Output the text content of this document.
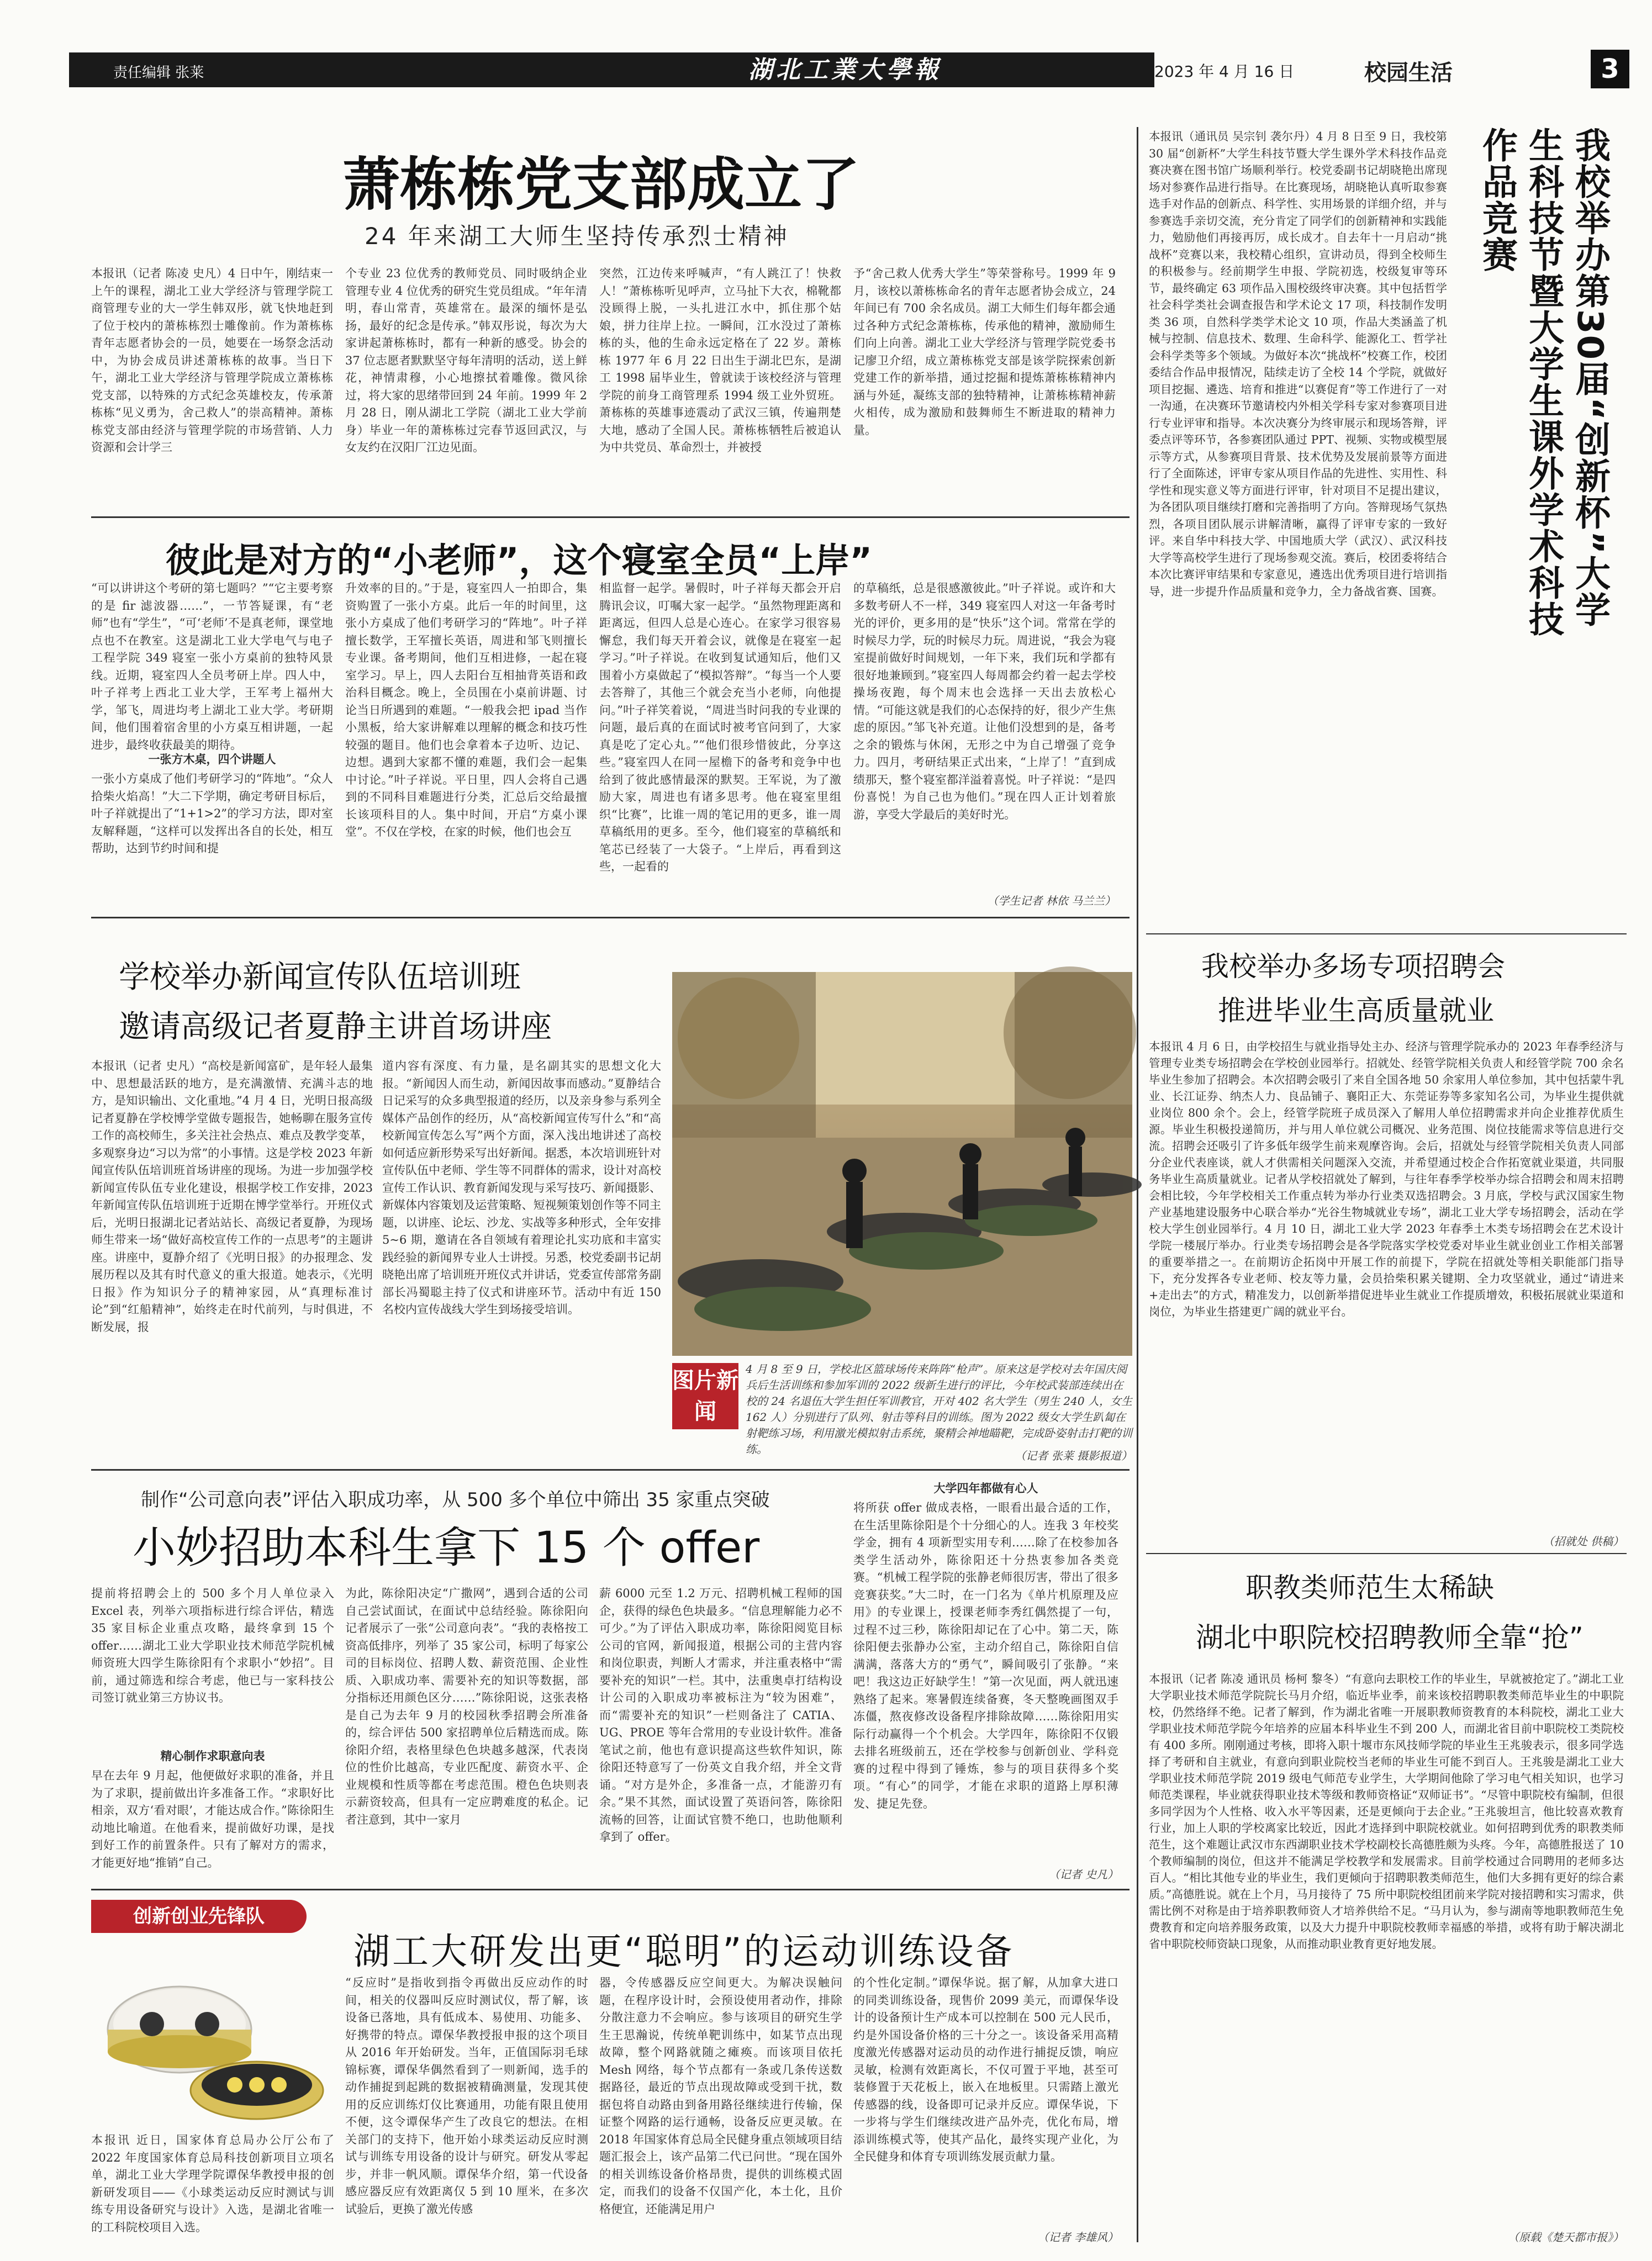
责任编辑 张莱	湖北工業大學報	2023 年 4 月 16 日	校园生活	3
萧栋栋党支部成立了
24 年来湖工大师生坚持传承烈士精神
本报讯（记者 陈凌 史凡）4 日中午，刚结束一上午的课程，湖北工业大学经济与管理学院工商管理专业的大一学生韩双彤，就飞快地赶到了位于校内的萧栋栋烈士雕像前。作为萧栋栋青年志愿者协会的一员，她要在一场祭念活动中，为协会成员讲述萧栋栋的故事。当日下午，湖北工业大学经济与管理学院成立萧栋栋党支部，以特殊的方式纪念英雄校友，传承萧栋栋“见义勇为，舍己救人”的崇高精神。萧栋栋党支部由经济与管理学院的市场营销、人力资源和会计学三
个专业 23 位优秀的教师党员、同时吸纳企业管理专业 4 位优秀的研究生党员组成。“年年清明，春山常青，英雄常在。最深的缅怀是弘扬，最好的纪念是传承。”韩双彤说，每次为大家讲起萧栋栋时，都有一种新的感受。协会的 37 位志愿者默默坚守每年清明的活动，送上鲜花，神情肃穆，小心地擦拭着雕像。微风徐过，将大家的思绪带回到 24 年前。1999 年 2 月 28 日，刚从湖北工学院（湖北工业大学前身）毕业一年的萧栋栋过完春节返回武汉，与女友约在汉阳厂江边见面。
突然，江边传来呼喊声，“有人跳江了！快救人！”萧栋栋听见呼声，立马扯下大衣，棉靴都没顾得上脱，一头扎进江水中，抓住那个姑娘，拼力往岸上拉。一瞬间，江水没过了萧栋栋的头，他的生命永远定格在了 22 岁。萧栋栋 1977 年 6 月 22 日出生于湖北巴东，是湖工 1998 届毕业生，曾就读于该校经济与管理学院的前身工商管理系 1994 级工业外贸班。萧栋栋的英雄事迹震动了武汉三镇，传遍荆楚大地，感动了全国人民。萧栋栋牺牲后被追认为中共党员、革命烈士，并被授
予“舍己救人优秀大学生”等荣誉称号。1999 年 9 月，该校以萧栋栋命名的青年志愿者协会成立，24 年间已有 700 余名成员。湖工大师生们每年都会通过各种方式纪念萧栋栋，传承他的精神，激励师生们向上向善。湖北工业大学经济与管理学院党委书记廖卫介绍，成立萧栋栋党支部是该学院探索创新党建工作的新举措，通过挖掘和提炼萧栋栋精神内涵与外延，凝练支部的独特精神，让萧栋栋精神薪火相传，成为激励和鼓舞师生不断进取的精神力量。
彼此是对方的“小老师”，这个寝室全员“上岸”
“可以讲讲这个考研的第七题吗？”“它主要考察的是 fir 滤波器……”，一节答疑课，有“老师”也有“学生”，“可‘老师’不是真老师，课堂地点也不在教室。这是湖北工业大学电气与电子工程学院 349 寝室一张小方桌前的独特风景线。近期，寝室四人全员考研上岸。四人中，叶子祥考上西北工业大学，王军考上福州大学，邹飞，周进均考上湖北工业大学。考研期间，他们围着宿舍里的小方桌互相讲题，一起进步，最终收获最美的期待。
一张方木桌，四个讲题人
一张小方桌成了他们考研学习的“阵地”。“众人拾柴火焰高！”大二下学期，确定考研目标后，叶子祥就提出了“1+1>2”的学习方法，即对室友解释题，“这样可以发挥出各自的长处，相互帮助，达到节约时间和提
升效率的目的。”于是，寝室四人一拍即合，集资购置了一张小方桌。此后一年的时间里，这张小方桌成了他们考研学习的“阵地”。叶子祥擅长数学，王军擅长英语，周进和邹飞则擅长专业课。备考期间，他们互相进修，一起在寝室学习。早上，四人去阳台互相抽背英语和政治科目概念。晚上，全员围在小桌前讲题、讨论当日所遇到的难题。“一般我会把 ipad 当作小黑板，给大家讲解难以理解的概念和技巧性较强的题目。他们也会拿着本子边听、边记、边想。遇到大家都不懂的难题，我们会一起集中讨论。”叶子祥说。平日里，四人会将自己遇到的不同科目难题进行分类，汇总后交给最擅长该项科目的人。集中时间，开启“方桌小课堂”。不仅在学校，在家的时候，他们也会互
相监督一起学。暑假时，叶子祥每天都会开启腾讯会议，叮嘱大家一起学。“虽然物理距离和距离远，但四人总是心连心。在家学习很容易懈怠，我们每天开着会议，就像是在寝室一起学习。”叶子祥说。在收到复试通知后，他们又围着小方桌做起了“模拟答辩”。“每当一个人要去答辩了，其他三个就会充当小老师，向他提问。”叶子祥笑着说，“周进当时问我的专业课的问题，最后真的在面试时被考官问到了，大家真是吃了定心丸。”“他们很珍惜彼此，分享这些。”寝室四人在同一屋檐下的备考和竞争中也给到了彼此感情最深的默契。王军说，为了激励大家，周进也有诸多思考。他在寝室里组织“比赛”，比谁一周的笔记用的更多，谁一周草稿纸用的更多。至今，他们寝室的草稿纸和笔芯已经装了一大袋子。“上岸后，再看到这些，一起看的
的草稿纸，总是很感激彼此。”叶子祥说。或许和大多数考研人不一样，349 寝室四人对这一年备考时光的评价，更多用的是“快乐”这个词。常常在学的时候尽力学，玩的时候尽力玩。周进说，“我会为寝室提前做好时间规划，一年下来，我们玩和学都有很好地兼顾到。”寝室四人每周都会约着一起去学校操场夜跑，每个周末也会选择一天出去放松心情。“可能这就是我们的心态保持的好，很少产生焦虑的原因。”邹飞补充道。让他们没想到的是，备考之余的锻炼与休闲，无形之中为自己增强了竞争力。四月，考研结果正式出来，“上岸了！”直到成绩那天，整个寝室都洋溢着喜悦。叶子祥说：“是四份喜悦！为自己也为他们。”现在四人正计划着旅游，享受大学最后的美好时光。
（学生记者 林依 马兰兰）
学校举办新闻宣传队伍培训班
邀请高级记者夏静主讲首场讲座
本报讯（记者 史凡）“高校是新闻富矿，是年轻人最集中、思想最活跃的地方，是充满激情、充满斗志的地方，是知识输出、文化重地。”4 月 4 日，光明日报高级记者夏静在学校博学堂做专题报告，她畅聊在服务宣传工作的高校师生，多关注社会热点、难点及教学变革，多观察身边“习以为常”的小事情。这是学校 2023 年新闻宣传队伍培训班首场讲座的现场。为进一步加强学校新闻宣传队伍专业化建设，根据学校工作安排，2023 年新闻宣传队伍培训班于近期在博学堂举行。开班仪式后，光明日报湖北记者站站长、高级记者夏静，为现场师生带来一场“做好高校宣传工作的一点思考”的主题讲座。讲座中，夏静介绍了《光明日报》的办报理念、发展历程以及其有时代意义的重大报道。她表示，《光明日报》作为知识分子的精神家园，从“真理标准讨论”到“红船精神”，始终走在时代前列，与时俱进，不断发展，报
道内容有深度、有力量，是名副其实的思想文化大报。“新闻因人而生动，新闻因故事而感动。”夏静结合日记采写的众多典型报道的经历，以及亲身参与系列全媒体产品创作的经历，从“高校新闻宣传写什么”和“高校新闻宣传怎么写”两个方面，深入浅出地讲述了高校如何适应新形势采写出好新闻。据悉，本次培训班针对宣传队伍中老师、学生等不同群体的需求，设计对高校宣传工作认识、教育新闻发现与采写技巧、新闻摄影、新媒体内容策划及运营策略、短视频策划创作等不同主题，以讲座、论坛、沙龙、实战等多种形式，全年安排 5~6 期，邀请在各自领域有着理论扎实功底和丰富实践经验的新闻界专业人士讲授。另悉，校党委副书记胡晓艳出席了培训班开班仪式并讲话，党委宣传部常务副部长冯蜀聪主持了仪式和讲座环节。活动中有近 150 名校内宣传战线大学生到场接受培训。
图片新闻
4 月 8 至 9 日，学校北区篮球场传来阵阵“枪声”。原来这是学校对去年国庆阅兵后生活训练和参加军训的 2022 级新生进行的评比，今年校武装部连续出在校的 24 名退伍大学生担任军训教官，开对 402 名大学生（男生 240 人，女生 162 人）分别进行了队列、射击等科目的训练。图为 2022 级女大学生趴匐在射靶练习场，利用激光模拟射击系统，聚精会神地瞄靶，完成卧姿射击打靶的训练。	（记者 张莱 摄影报道）
制作“公司意向表”评估入职成功率，从 500 多个单位中筛出 35 家重点突破
小妙招助本科生拿下 15 个 offer
提前将招聘会上的 500 多个月人单位录入 Excel 表，列举六项指标进行综合评估，精选 35 家目标企业重点攻略，最终拿到 15 个 offer……湖北工业大学职业技术师范学院机械师资班大四学生陈徐阳有个求职小“妙招”。目前，通过筛选和综合考虑，他已与一家科技公司签订就业第三方协议书。
精心制作求职意向表
早在去年 9 月起，他便做好求职的准备，并且为了求职，提前做出许多准备工作。“求职好比相亲，双方‘看对眼’，才能达成合作。”陈徐阳生动地比喻道。在他看来，提前做好功课，是找到好工作的前置条件。只有了解对方的需求，才能更好地“推销”自己。
为此，陈徐阳决定“广撒网”，遇到合适的公司自己尝试面试，在面试中总结经验。陈徐阳向记者展示了一张“公司意向表”。“我的表格按工资高低排序，列举了 35 家公司，标明了每家公司的目标岗位、招聘人数、薪资范围、企业性质、入职成功率、需要补充的知识等数据，部分指标还用颜色区分……”陈徐阳说，这张表格是自己为去年 9 月的校园秋季招聘会所准备的，综合评估 500 家招聘单位后精选而成。陈徐阳介绍，表格里绿色色块越多越深，代表岗位的性价比越高，专业匹配度、薪资水平、企业规模和性质等都在考虑范围。橙色色块则表示薪资较高，但具有一定应聘难度的私企。记者注意到，其中一家月
薪 6000 元至 1.2 万元、招聘机械工程师的国企，获得的绿色色块最多。“信息理解能力必不可少。”为了评估入职成功率，陈徐阳阅览目标公司的官网，新闻报道，根据公司的主营内容和岗位职责，判断人才需求，并注重表格中“需要补充的知识”一栏。其中，法重奥卓打结构设计公司的入职成功率被标注为“较为困难”，而“需要补充的知识”一栏则备注了 CATIA、UG、PROE 等年合常用的专业设计软件。准备笔试之前，他也有意识提高这些软件知识，陈徐阳还特意写了一份英文自我介绍，并全文背诵。“对方是外企，多准备一点，才能游刃有余。”果不其然，面试设置了英语问答，陈徐阳流畅的回答，让面试官赞不绝口，也助他顺利拿到了 offer。
大学四年都做有心人
将所获 offer 做成表格，一眼看出最合适的工作，在生活里陈徐阳是个十分细心的人。连我 3 年校奖学金，拥有 4 项新型实用专利……除了在校参加各类学生活动外，陈徐阳还十分热衷参加各类竞赛。“机械工程学院的张静老师很厉害，带出了很多竞赛获奖。”大二时，在一门名为《单片机原理及应用》的专业课上，授课老师李秀红偶然提了一句，过程不过三秒，陈徐阳却记在了心中。第二天，陈徐阳便去张静办公室，主动介绍自己，陈徐阳自信满满，落落大方的“勇气”，瞬间吸引了张静。“来吧！我这边正好缺学生！”第一次见面，两人就迅速熟络了起来。寒暑假连续备赛，冬天整晚画图双手冻僵，熬夜修改设备程序排除故障……陈徐阳用实际行动赢得一个个机会。大学四年，陈徐阳不仅锻去排名班级前五，还在学校参与创新创业、学科竞赛的过程中得到了锤炼，参与的项目获得多个奖项。“有心”的同学，才能在求职的道路上厚积薄发、捷足先登。
（记者 史凡）
创新创业先锋队
湖工大研发出更“聪明”的运动训练设备
本报讯 近日，国家体育总局办公厅公布了 2022 年度国家体育总局科技创新项目立项名单，湖北工业大学理学院谭保华教授申报的创新研发项目——《小球类运动反应时测试与训练专用设备研究与设计》入选，是湖北省唯一的工科院校项目入选。
“反应时”是指收到指令再做出反应动作的时间，相关的仪器叫反应时测试仪，帮了解，该设备已落地，具有低成本、易使用、功能多、好携带的特点。谭保华教授报申报的这个项目从 2016 年开始研发。当年，正值国际羽毛球锦标赛，谭保华偶然看到了一则新闻，选手的动作捕捉到起跳的数据被精确测量，发现其使用的反应训练灯仪比赛通用，功能有限且使用不便，这令谭保华产生了改良它的想法。在相关部门的支持下，他开始小球类运动反应时测试与训练专用设备的设计与研究。研发从零起步，并非一帆风顺。谭保华介绍，第一代设备感应器反应有效距离仅 5 到 10 厘米，在多次试验后，更换了激光传感
器，令传感器反应空间更大。为解决误触问题，在程序设计时，会预设使用者动作，排除分散注意力不会响应。参与该项目的研究生学生王思瀚说，传统单靶训练中，如某节点出现故障，整个网路就随之瘫痪。而该项目依托 Mesh 网络，每个节点都有一条或几条传送数据路径，最近的节点出现故障或受到干扰，数据包将自动路由到备用路径继续进行传输，保证整个网路的运行通畅，设备反应更灵敏。在 2018 年国家体育总局全民健身重点领域项目结题汇报会上，该产品第二代已问世。“现在国外的相关训练设备价格昂贵，提供的训练模式固定，而我们的设备不仅国产化，本土化，且价格便宜，还能满足用户
的个性化定制。”谭保华说。据了解，从加拿大进口的同类训练设备，现售价 2099 美元，而谭保华设计的设备预计生产成本可以控制在 500 元人民币，约是外国设备价格的三十分之一。该设备采用高精度激光传感器对运动员的动作进行捕捉反馈，响应灵敏，检测有效距离长，不仅可置于平地，甚至可装修置于天花板上，嵌入在地板里。只需踏上激光传感器的线，设备即可记录并反应。谭保华说，下一步将与学生们继续改进产品外壳，优化布局，增添训练模式等，使其产品化，最终实现产业化，为全民健身和体育专项训练发展贡献力量。
（记者 李雄风）
我校举办第30届“创新杯”大学生科技节暨大学生课外学术科技作品竞赛
本报讯（通讯员 吴宗钊 袭尔丹）4 月 8 日至 9 日，我校第 30 届“创新杯”大学生科技节暨大学生课外学术科技作品竞赛决赛在图书馆广场顺利举行。校党委副书记胡晓艳出席现场对参赛作品进行指导。在比赛现场，胡晓艳认真听取参赛选手对作品的创新点、科学性、实用场景的详细介绍，并与参赛选手亲切交流，充分肯定了同学们的创新精神和实践能力，勉励他们再接再厉，成长成才。自去年十一月启动“挑战杯”竞赛以来，我校精心组织，宣讲动员，得到全校师生的积极参与。经前期学生申报、学院初选，校级复审等环节，最终确定 63 项作品入围校级终审决赛。其中包括哲学社会科学类社会调查报告和学术论文 17 项，科技制作发明类 36 项，自然科学类学术论文 10 项，作品大类涵盖了机械与控制、信息技术、数理、生命科学、能源化工、哲学社会科学类等多个领域。为做好本次“挑战杯”校赛工作，校团委结合作品申报情况，陆续走访了全校 14 个学院，就做好项目挖掘、遴选、培育和推进“以赛促育”等工作进行了一对一沟通，在决赛环节邀请校内外相关学科专家对参赛项目进行专业评审和指导。本次决赛分为终审展示和现场答辩，评委点评等环节，各参赛团队通过 PPT、视频、实物或模型展示等方式，从参赛项目背景、技术优势及发展前景等方面进行了全面陈述，评审专家从项目作品的先进性、实用性、科学性和现实意义等方面进行评审，针对项目不足提出建议，为各团队项目继续打磨和完善指明了方向。答辩现场气氛热烈，各项目团队展示讲解清晰，赢得了评审专家的一致好评。来自华中科技大学、中国地质大学（武汉）、武汉科技大学等高校学生进行了现场参观交流。赛后，校团委将结合本次比赛评审结果和专家意见，遴选出优秀项目进行培训指导，进一步提升作品质量和竞争力，全力备战省赛、国赛。
我校举办多场专项招聘会
推进毕业生高质量就业
本报讯 4 月 6 日，由学校招生与就业指导处主办、经济与管理学院承办的 2023 年春季经济与管理专业类专场招聘会在学校创业园举行。招就处、经管学院相关负责人和经管学院 700 余名毕业生参加了招聘会。本次招聘会吸引了来自全国各地 50 余家用人单位参加，其中包括蒙牛乳业、长江证券、纳杰人力、良品铺子、襄阳正大、东莞证券等多家知名公司，为毕业生提供就业岗位 800 余个。会上，经管学院班子成员深入了解用人单位招聘需求并向企业推荐优质生源。毕业生积极投递简历，并与用人单位就公司概况、业务范围、岗位技能需求等信息进行交流。招聘会还吸引了许多低年级学生前来观摩咨询。会后，招就处与经管学院相关负责人同部分企业代表座谈，就人才供需相关问题深入交流，并希望通过校企合作拓宽就业渠道，共同服务毕业生高质量就业。记者从学校招就处了解到，与往年春季学校举办综合招聘会和周末招聘会相比较，今年学校相关工作重点转为举办行业类双选招聘会。3 月底，学校与武汉国家生物产业基地建设服务中心联合举办“光谷生物城就业专场”，湖北工业大学专场招聘会，活动在学校大学生创业园举行。4 月 10 日，湖北工业大学 2023 年春季土木类专场招聘会在艺术设计学院一楼展厅举办。行业类专场招聘会是各学院落实学校党委对毕业生就业创业工作相关部署的重要举措之一。在前期访企拓岗中开展工作的前提下，学院在招就处等相关职能部门指导下，充分发挥各专业老师、校友等力量，会员拾柴积累关键期、全力攻坚就业，通过“请进来+走出去”的方式，精准发力，以创新举措促进毕业生就业工作提质增效，积极拓展就业渠道和岗位，为毕业生搭建更广阔的就业平台。
（招就处 供稿）
职教类师范生太稀缺
湖北中职院校招聘教师全靠“抢”
本报讯（记者 陈凌 通讯员 杨柯 黎冬）“有意向去职校工作的毕业生，早就被抢定了。”湖北工业大学职业技术师范学院院长马月介绍，临近毕业季，前来该校招聘职教类师范毕业生的中职院校，仍然络绎不绝。记者了解到，作为湖北省唯一开展职教师资教育的本科院校，湖北工业大学职业技术师范学院今年培养的应届本科毕业生不到 200 人，而湖北省目前中职院校工类院校有 400 多所。刚刚通过考核，即将入职十堰市东风技师学院的毕业生王兆骏表示，很多同学选择了考研和自主就业，有意向到职业院校当老师的毕业生可能不到百人。王兆骏是湖北工业大学职业技术师范学院 2019 级电气师范专业学生，大学期间他除了学习电气相关知识，也学习师范类课程，毕业就获得职业技术等级和教师资格证“双师证书”。“尽管中职院校有编制，但很多同学因为个人性格、收入水平等因素，还是更倾向于去企业。”王兆骏坦言，他比较喜欢教育行业，加上人职的学校离家比较近，因此才选择到中职院校就业。如何招聘到优秀的职教类师范生，这个难题让武汉市东西湖职业技术学校副校长高德胜颇为头疼。今年，高德胜报送了 10 个教师编制的岗位，但这并不能满足学校教学和发展需求。目前学校通过合同聘用的老师多达百人。“相比其他专业的毕业生，我们更倾向于招聘职教类师范生，他们大多拥有更好的综合素质。”高德胜说。就在上个月，马月接待了 75 所中职院校组团前来学院对接招聘和实习需求，供需比例不对称是由于培养职教师资人才培养供给不足。“马月认为，参与湖南等地职教师范生免费教育和定向培养服务政策，以及大力提升中职院校教师幸福感的举措，或将有助于解决湖北省中职院校师资缺口现象，从而推动职业教育更好地发展。
（原载《楚天都市报》）
